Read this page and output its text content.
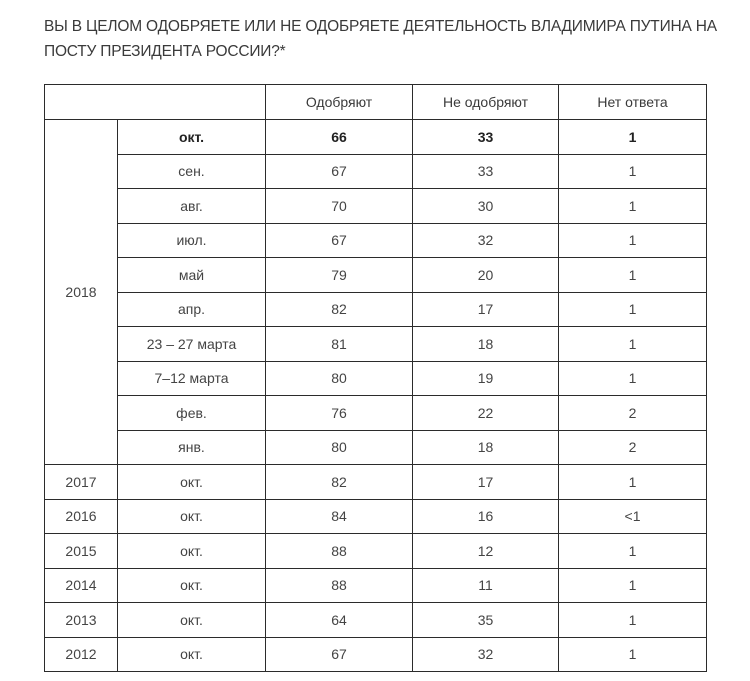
ВЫ В ЦЕЛОМ ОДОБРЯЕТЕ ИЛИ НЕ ОДОБРЯЕТЕ ДЕЯТЕЛЬНОСТЬ ВЛАДИМИРА ПУТИНА НА ПОСТУ ПРЕЗИДЕНТА РОССИИ?*
		Одобряют	Не одобряют	Нет ответа
2018	окт.	66	33	1
	сен.	67	33	1
	авг.	70	30	1
	июл.	67	32	1
	май	79	20	1
	апр.	82	17	1
	23 – 27 марта	81	18	1
	7–12 марта	80	19	1
	фев.	76	22	2
	янв.	80	18	2
2017	окт.	82	17	1
2016	окт.	84	16	<1
2015	окт.	88	12	1
2014	окт.	88	11	1
2013	окт.	64	35	1
2012	окт.	67	32	1
